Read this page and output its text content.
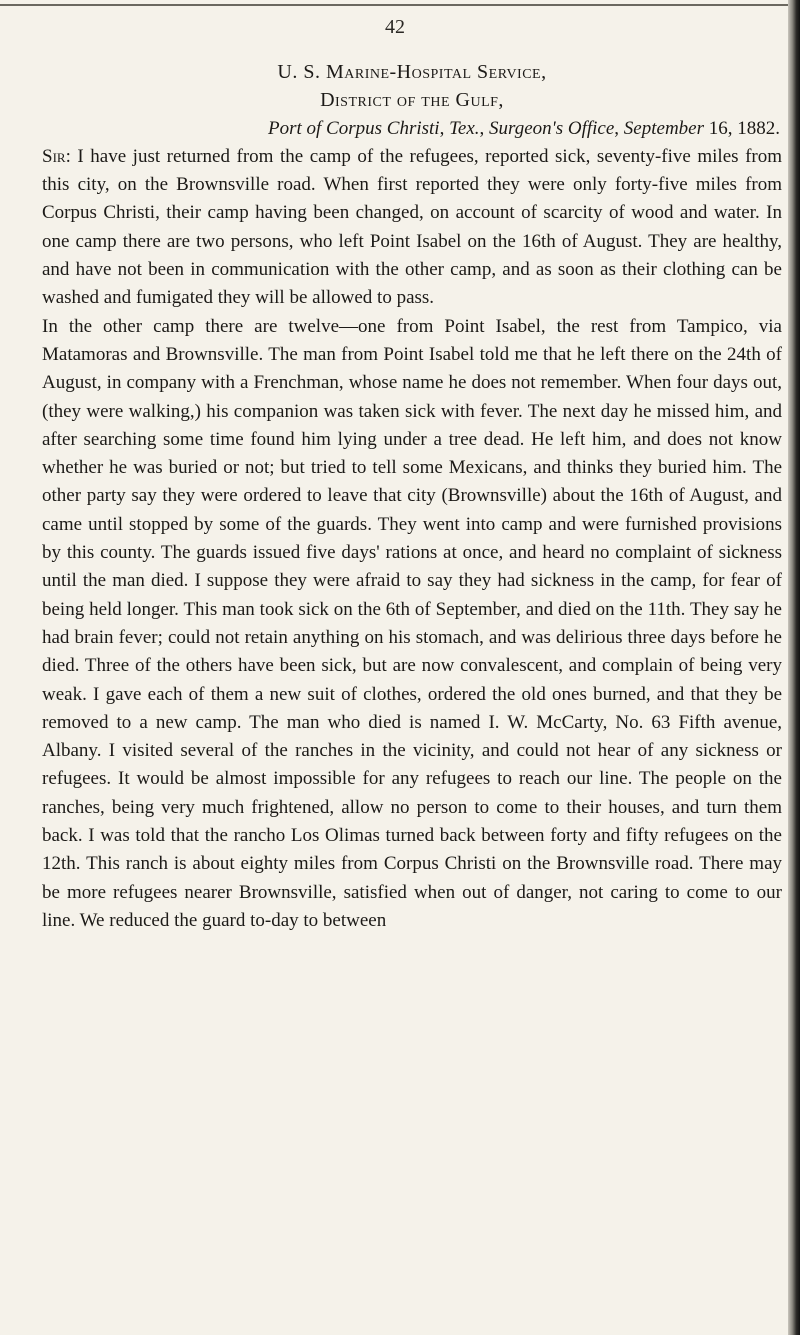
42
U. S. Marine-Hospital Service,
District of the Gulf,
Port of Corpus Christi, Tex., Surgeon's Office, September 16, 1882.

Sir: I have just returned from the camp of the refugees, reported sick, seventy-five miles from this city, on the Brownsville road. When first reported they were only forty-five miles from Corpus Christi, their camp having been changed, on account of scarcity of wood and water. In one camp there are two persons, who left Point Isabel on the 16th of August. They are healthy, and have not been in communication with the other camp, and as soon as their clothing can be washed and fumigated they will be allowed to pass.

In the other camp there are twelve—one from Point Isabel, the rest from Tampico, via Matamoras and Brownsville. The man from Point Isabel told me that he left there on the 24th of August, in company with a Frenchman, whose name he does not remember. When four days out, (they were walking,) his companion was taken sick with fever. The next day he missed him, and after searching some time found him lying under a tree dead. He left him, and does not know whether he was buried or not; but tried to tell some Mexicans, and thinks they buried him. The other party say they were ordered to leave that city (Brownsville) about the 16th of August, and came until stopped by some of the guards. They went into camp and were furnished provisions by this county. The guards issued five days' rations at once, and heard no complaint of sickness until the man died. I suppose they were afraid to say they had sickness in the camp, for fear of being held longer. This man took sick on the 6th of September, and died on the 11th. They say he had brain fever; could not retain anything on his stomach, and was delirious three days before he died. Three of the others have been sick, but are now convalescent, and complain of being very weak. I gave each of them a new suit of clothes, ordered the old ones burned, and that they be removed to a new camp. The man who died is named I. W. McCarty, No. 63 Fifth avenue, Albany. I visited several of the ranches in the vicinity, and could not hear of any sickness or refugees. It would be almost impossible for any refugees to reach our line. The people on the ranches, being very much frightened, allow no person to come to their houses, and turn them back. I was told that the rancho Los Olimas turned back between forty and fifty refugees on the 12th. This ranch is about eighty miles from Corpus Christi on the Brownsville road. There may be more refugees nearer Brownsville, satisfied when out of danger, not caring to come to our line. We reduced the guard to-day to between
